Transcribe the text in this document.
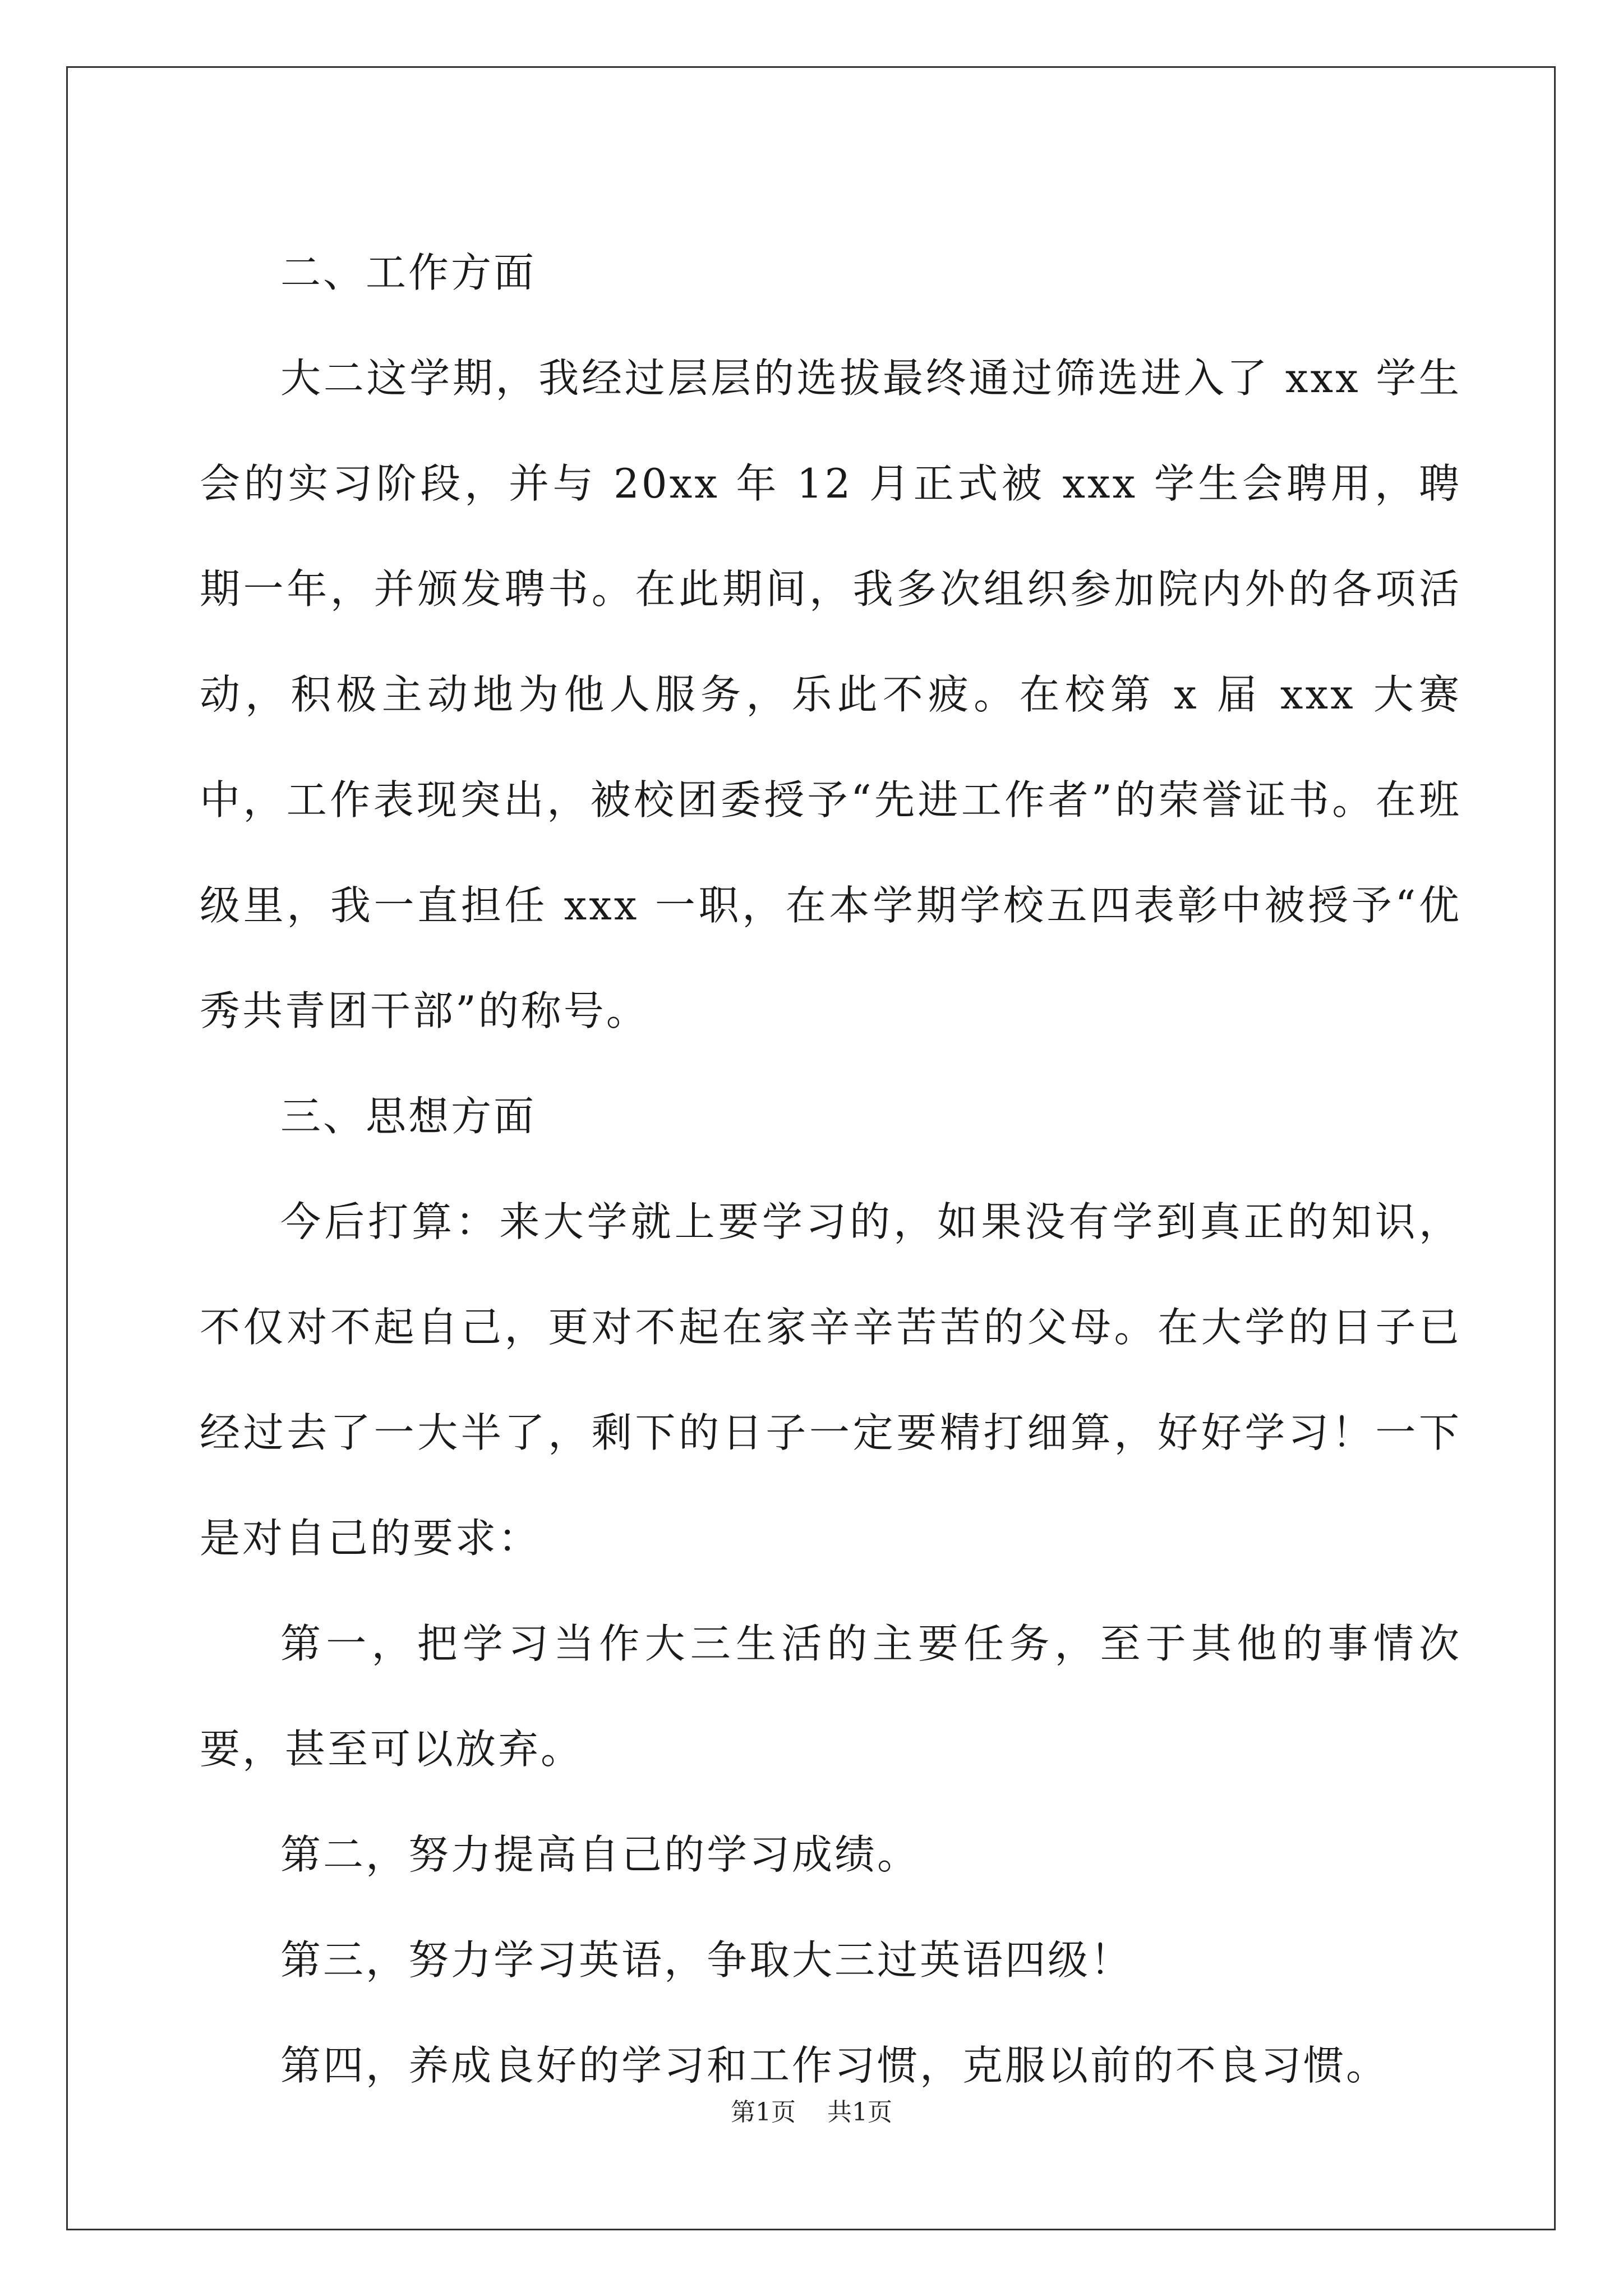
二、工作方面

大二这学期，我经过层层的选拔最终通过筛选进入了 xxx 学生会的实习阶段，并与 20xx 年 12 月正式被 xxx 学生会聘用，聘期一年，并颁发聘书。在此期间，我多次组织参加院内外的各项活动，积极主动地为他人服务，乐此不疲。在校第 x 届 xxx 大赛中，工作表现突出，被校团委授予“先进工作者”的荣誉证书。在班级里，我一直担任 xxx 一职，在本学期学校五四表彰中被授予“优秀共青团干部”的称号。

三、思想方面

今后打算：来大学就上要学习的，如果没有学到真正的知识，不仅对不起自己，更对不起在家辛辛苦苦的父母。在大学的日子已经过去了一大半了，剩下的日子一定要精打细算，好好学习！一下是对自己的要求：

第一，把学习当作大三生活的主要任务，至于其他的事情次要，甚至可以放弃。

第二，努力提高自己的学习成绩。

第三，努力学习英语，争取大三过英语四级！

第四，养成良好的学习和工作习惯，克服以前的不良习惯。

第1页 共1页
